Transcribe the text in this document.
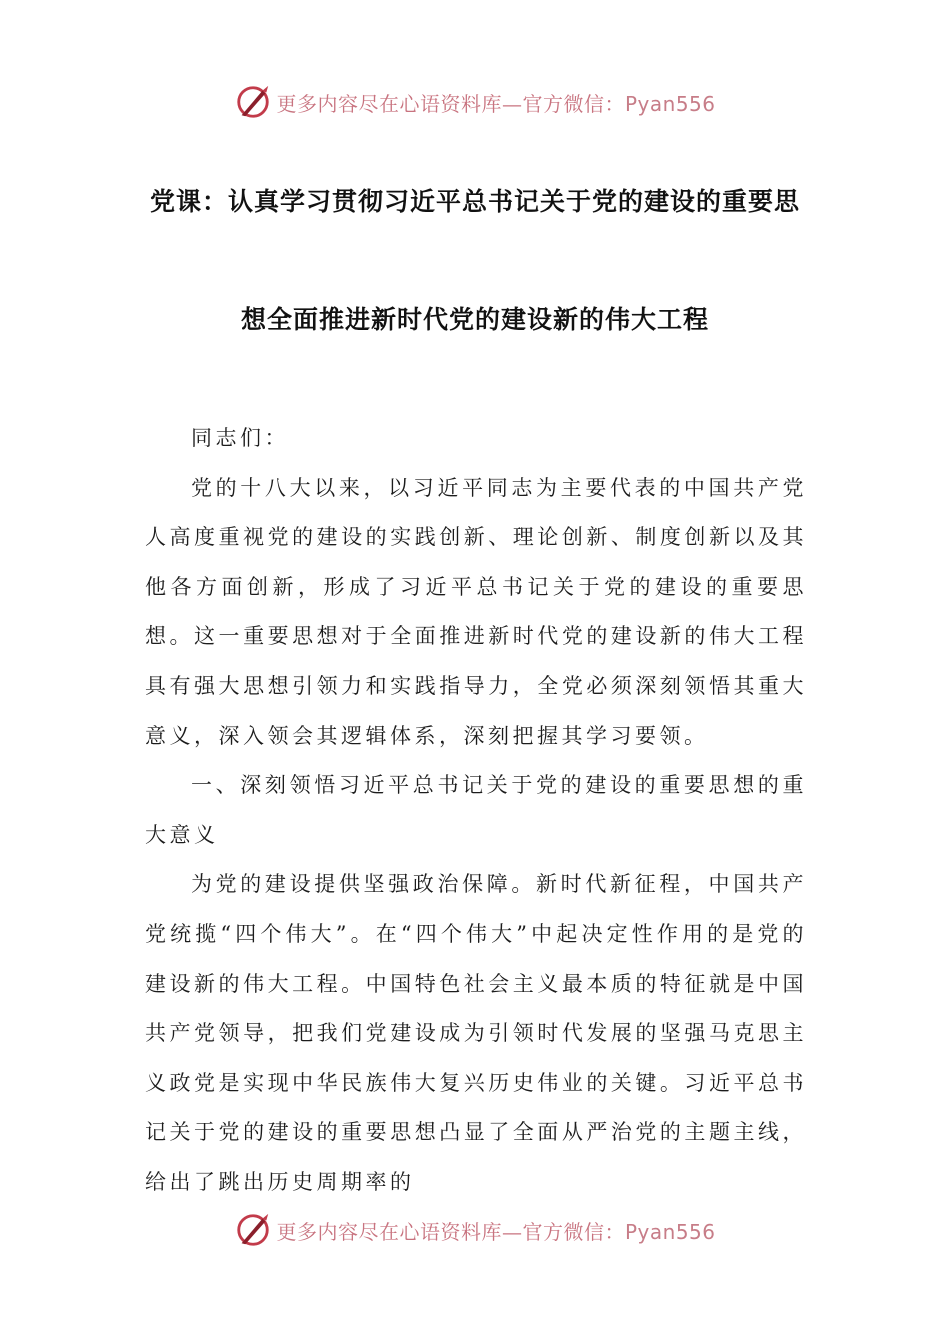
更多内容尽在心语资料库—官方微信：Pyan556
党课：认真学习贯彻习近平总书记关于党的建设的重要思
想全面推进新时代党的建设新的伟大工程

同志们：

党的十八大以来，以习近平同志为主要代表的中国共产党人高度重视党的建设的实践创新、理论创新、制度创新以及其他各方面创新，形成了习近平总书记关于党的建设的重要思想。这一重要思想对于全面推进新时代党的建设新的伟大工程具有强大思想引领力和实践指导力，全党必须深刻领悟其重大意义，深入领会其逻辑体系，深刻把握其学习要领。

一、深刻领悟习近平总书记关于党的建设的重要思想的重大意义

为党的建设提供坚强政治保障。新时代新征程，中国共产党统揽“四个伟大”。在“四个伟大”中起决定性作用的是党的建设新的伟大工程。中国特色社会主义最本质的特征就是中国共产党领导，把我们党建设成为引领时代发展的坚强马克思主义政党是实现中华民族伟大复兴历史伟业的关键。习近平总书记关于党的建设的重要思想凸显了全面从严治党的主题主线，给出了跳出历史周期率的

更多内容尽在心语资料库—官方微信：Pyan556
